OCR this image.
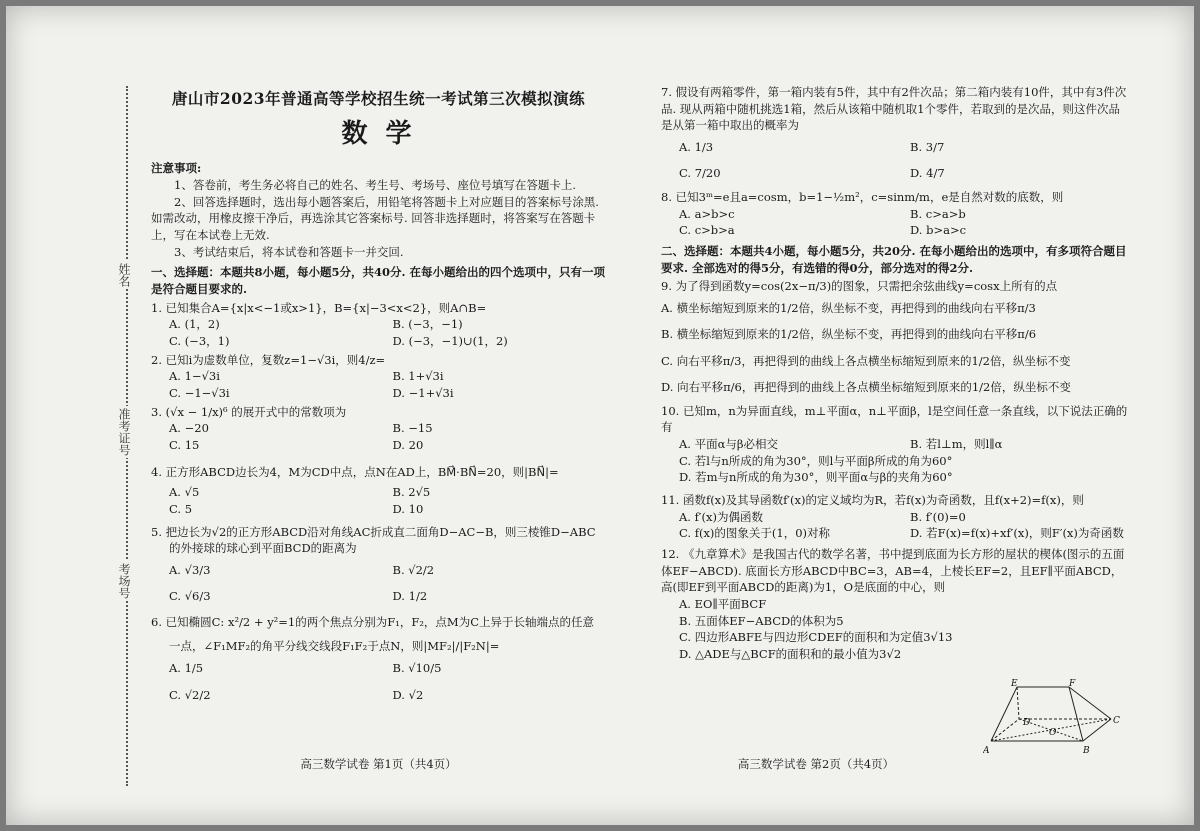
姓名
准考证号
考场号
唐山市2023年普通高等学校招生统一考试第三次模拟演练
数学
注意事项:

1、答卷前，考生务必将自己的姓名、考生号、考场号、座位号填写在答题卡上.

2、回答选择题时，选出每小题答案后，用铅笔将答题卡上对应题目的答案标号涂黑. 如需改动，用橡皮擦干净后，再选涂其它答案标号. 回答非选择题时，将答案写在答题卡上，写在本试卷上无效.

3、考试结束后，将本试卷和答题卡一并交回.

一、选择题：本题共8小题，每小题5分，共40分. 在每小题给出的四个选项中，只有一项是符合题目要求的.
1. 已知集合A={x|x<−1或x>1}，B={x|−3<x<2}，则A∩B=
A. (1，2)	B. (−3，−1)
C. (−3，1)	D. (−3，−1)∪(1，2)
2. 已知i为虚数单位，复数z=1−√3i，则4/z=
A. 1−√3i	B. 1+√3i
C. −1−√3i	D. −1+√3i
3. (√x − 1/x)⁶ 的展开式中的常数项为
A. −20	B. −15
C. 15	D. 20
4. 正方形ABCD边长为4，M为CD中点，点N在AD上，BM⃗·BN⃗=20，则|BN⃗|=
A. √5	B. 2√5
C. 5	D. 10
5. 把边长为√2的正方形ABCD沿对角线AC折成直二面角D−AC−B，则三棱锥D−ABC
的外接球的球心到平面BCD的距离为
A. √3/3	B. √2/2
C. √6/3	D. 1/2
6. 已知椭圆C: x²/2 + y²=1的两个焦点分别为F₁，F₂，点M为C上异于长轴端点的任意
一点，∠F₁MF₂的角平分线交线段F₁F₂于点N，则|MF₂|/|F₂N|=
A. 1/5	B. √10/5
C. √2/2	D. √2
高三数学试卷 第1页（共4页）
7. 假设有两箱零件，第一箱内装有5件，其中有2件次品；第二箱内装有10件，其中有3件次品. 现从两箱中随机挑选1箱，然后从该箱中随机取1个零件，若取到的是次品，则这件次品是从第一箱中取出的概率为
A. 1/3	B. 3/7
C. 7/20	D. 4/7
8. 已知3ᵐ=e且a=cosm，b=1−½m²，c=sinm/m，e是自然对数的底数，则
A. a>b>c	B. c>a>b
C. c>b>a	D. b>a>c
二、选择题：本题共4小题，每小题5分，共20分. 在每小题给出的选项中，有多项符合题目要求. 全部选对的得5分，有选错的得0分，部分选对的得2分.
9. 为了得到函数y=cos(2x−π/3)的图象，只需把余弦曲线y=cosx上所有的点
A. 横坐标缩短到原来的1/2倍，纵坐标不变，再把得到的曲线向右平移π/3
B. 横坐标缩短到原来的1/2倍，纵坐标不变，再把得到的曲线向右平移π/6
C. 向右平移π/3，再把得到的曲线上各点横坐标缩短到原来的1/2倍，纵坐标不变
D. 向右平移π/6，再把得到的曲线上各点横坐标缩短到原来的1/2倍，纵坐标不变
10. 已知m，n为异面直线，m⊥平面α，n⊥平面β，l是空间任意一条直线，以下说法正确的有
A. 平面α与β必相交	B. 若l⊥m，则l∥α
C. 若l与n所成的角为30°，则l与平面β所成的角为60°
D. 若m与n所成的角为30°，则平面α与β的夹角为60°
11. 函数f(x)及其导函数f′(x)的定义域均为R，若f(x)为奇函数，且f(x+2)=f(x)，则
A. f′(x)为偶函数	B. f′(0)=0
C. f(x)的图象关于(1，0)对称	D. 若F(x)=f(x)+xf′(x)，则F′(x)为奇函数
12. 《九章算术》是我国古代的数学名著，书中提到底面为长方形的屋状的楔体(图示的五面体EF−ABCD). 底面长方形ABCD中BC=3，AB=4，上棱长EF=2，且EF∥平面ABCD，高(即EF到平面ABCD的距离)为1，O是底面的中心，则
A. EO∥平面BCF
B. 五面体EF−ABCD的体积为5
C. 四边形ABFE与四边形CDEF的面积和为定值3√13
D. △ADE与△BCF的面积和的最小值为3√2
E	F
D
O
C
A	B
高三数学试卷 第2页（共4页）
